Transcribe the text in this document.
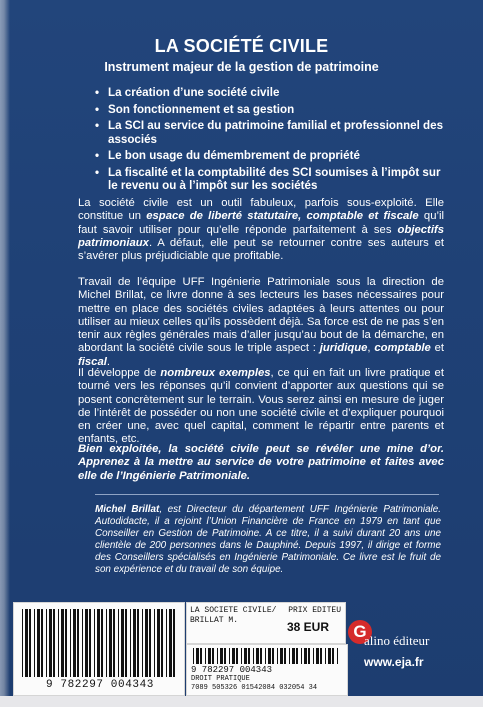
LA SOCIÉTÉ CIVILE
Instrument majeur de la gestion de patrimoine
• La création d’une société civile
• Son fonctionnement et sa gestion
• La SCI au service du patrimoine familial et professionnel des associés
• Le bon usage du démembrement de propriété
• La fiscalité et la comptabilité des SCI soumises à l’impôt sur le revenu ou à l’impôt sur les sociétés

La société civile est un outil fabuleux, parfois sous-exploité. Elle constitue un espace de liberté statutaire, comptable et fiscale qu’il faut savoir utiliser pour qu’elle réponde parfaitement à ses objectifs patrimoniaux. A défaut, elle peut se retourner contre ses auteurs et s’avérer plus préjudiciable que profitable.

Travail de l’équipe UFF Ingénierie Patrimoniale sous la direction de Michel Brillat, ce livre donne à ses lecteurs les bases nécessaires pour mettre en place des sociétés civiles adaptées à leurs attentes ou pour utiliser au mieux celles qu’ils possèdent déjà. Sa force est de ne pas s’en tenir aux règles générales mais d’aller jusqu’au bout de la démarche, en abordant la société civile sous le triple aspect : juridique, comptable et fiscal.

Il développe de nombreux exemples, ce qui en fait un livre pratique et tourné vers les réponses qu’il convient d’apporter aux questions qui se posent concrètement sur le terrain. Vous serez ainsi en mesure de juger de l’intérêt de posséder ou non une société civile et d’expliquer pourquoi en créer une, avec quel capital, comment le répartir entre parents et enfants, etc.

Bien exploitée, la société civile peut se révéler une mine d’or. Apprenez à la mettre au service de votre patrimoine et faites avec elle de l’Ingénierie Patrimoniale.

Michel Brillat, est Directeur du département UFF Ingénierie Patrimoniale. Autodidacte, il a rejoint l’Union Financière de France en 1979 en tant que Conseiller en Gestion de Patrimoine. A ce titre, il a suivi durant 20 ans une clientèle de 200 personnes dans le Dauphiné. Depuis 1997, il dirige et forme des Conseillers spécialisés en Ingénierie Patrimoniale. Ce livre est le fruit de son expérience et du travail de son équipe.
9 782297 004343
LA SOCIETE CIVILE/
BRILLAT M.
PRIX EDITEU
38 EUR
9 782297 004343
DROIT PRATIQUE
7089 505326 01542084 032054 34
G
alino éditeur
www.eja.fr
